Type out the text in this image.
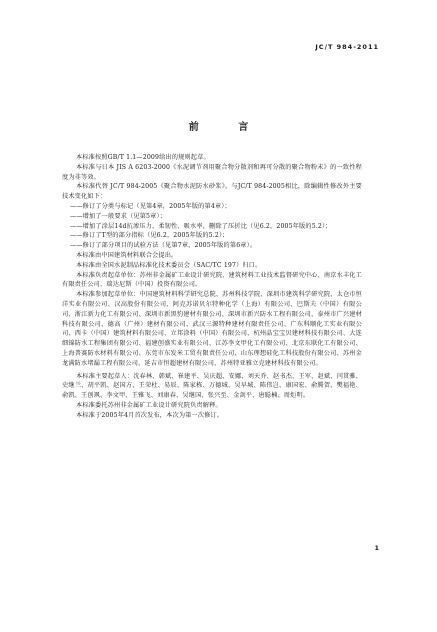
JC/T 984-2011
前 言

本标准按照GB/T 1.1—2009给出的规则起草。

本标准与日本 JIS A 6203-2000《水泥调节剂用聚合物分散剂和再可分散的聚合物粉末》的一致性程度为非等效。

本标准代替 JC/T 984-2005《聚合物水泥防水砂浆》。与JC/T 984-2005相比，除编辑性修改外主要技术变化如下：

——修订了分类与标记（见第4章，2005年版的第4章）；
——增加了一般要求（见第5章）；
——增加了涂层14d抗渗压力、柔韧性、吸水率，删除了压折比（见6.2，2005年版的5.2）；
——修订了T型的部分指标（见6.2，2005年版的5.2）；
——修订了部分项目的试验方法（见第7章，2005年版的第6章）。

本标准由中国建筑材料联合会提出。

本标准由全国水泥制品标准化技术委员会（SAC/TC 197）归口。

本标准负责起草单位：苏州非金属矿工业设计研究院、建筑材料工业技术监督研究中心、南京水丰化工有限责任公司、瑞达尼斯（中国）投资有限公司。

本标准参加起草单位：中国建筑材料科学研究总院、苏州科技学院、深圳市建筑科学研究院、太仓市恒洋实业有限公司、汉高股份有限公司、阿克苏诺贝尔特种化学（上海）有限公司、巴斯夫（中国）有限公司、浙江新力化工有限公司、深圳市新黑豹建材有限公司、深圳市新兴防水工程有限公司、泰州市广兴建材科技有限公司、德高（广州）建材有限公司、武汉三源特种建材有限责任公司、广东科顺化工实业有限公司、西卡（中国）建筑材料有限公司、立邦涂料（中国）有限公司、杭州晶宝宝贝建材科技有限公司、大连细锦防水工程集团有限公司、福建创盛实业有限公司、江苏李文甲化工有限公司、北京东联化工有限公司、上海普赛防水材料有限公司、东莞市东发米工贸有限责任公司、山东理想硅化工科技股份有限公司、苏州金龙满防水堵漏工程有限公司、延吉市恒超建材有限公司、苏州特亚雅立克建材科技有限公司。

本标准主要起草人：沈春林、韩斌、崔建平、吴庆超、安娜、刘天乔、赵书杰、王军、赵斌、闫贯雅、史继兰、胡平凯、赵国方、王荣杜、易辰、陈家栋、万德城、吴早城、陈伟岂、康国宏、俞腾贺、樊福艳、俞凯、王创飒、李文甲、王雅飞、刘康春、吴继国、张兴至、金剑平、唐聪楠、周炬明。

本标准委托苏州非金属矿工业设计研究院负责解释。

本标准于2005年4月首次发布，本次为第一次修订。

1
